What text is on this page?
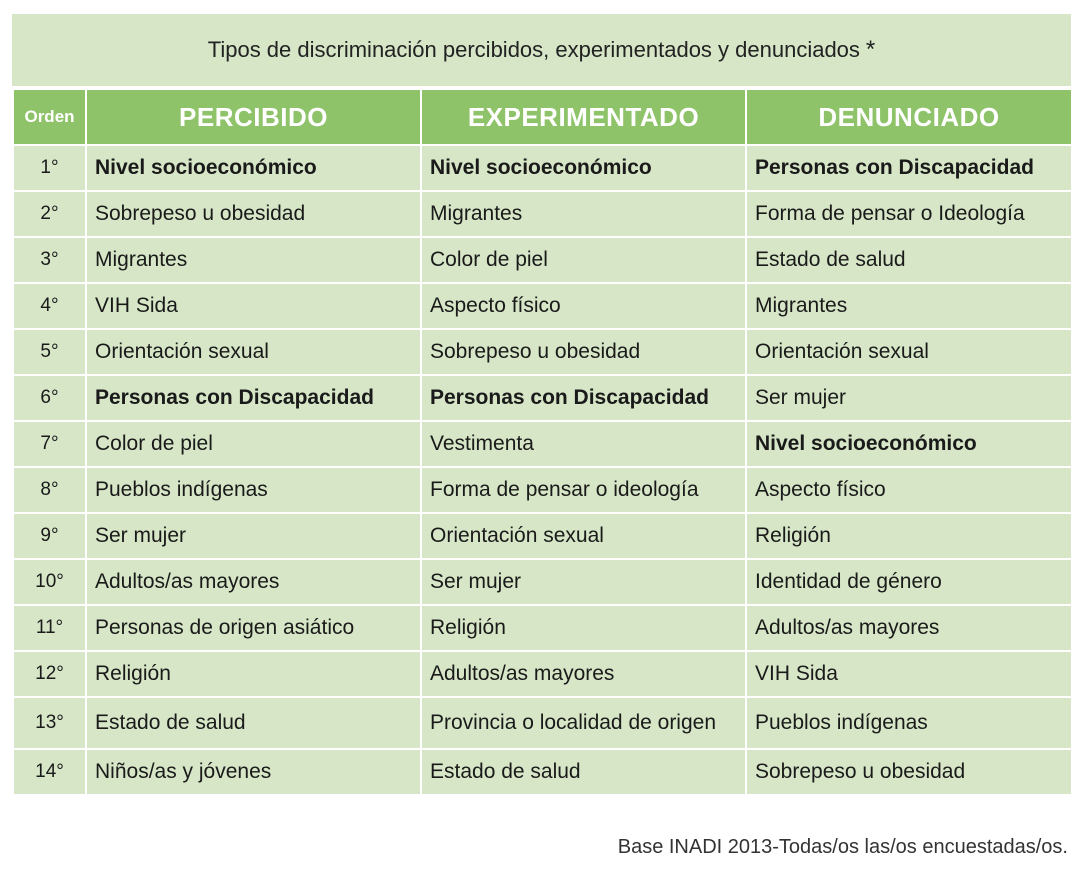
Tipos de discriminación percibidos, experimentados y denunciados *
Orden	PERCIBIDO	EXPERIMENTADO	DENUNCIADO
1°	Nivel socioeconómico	Nivel socioeconómico	Personas con Discapacidad
2°	Sobrepeso u obesidad	Migrantes	Forma de pensar o Ideología
3°	Migrantes	Color de piel	Estado de salud
4°	VIH Sida	Aspecto físico	Migrantes
5°	Orientación sexual	Sobrepeso u obesidad	Orientación sexual
6°	Personas con Discapacidad	Personas con Discapacidad	Ser mujer
7°	Color de piel	Vestimenta	Nivel socioeconómico
8°	Pueblos indígenas	Forma de pensar o ideología	Aspecto físico
9°	Ser mujer	Orientación sexual	Religión
10°	Adultos/as mayores	Ser mujer	Identidad de género
11°	Personas de origen asiático	Religión	Adultos/as mayores
12°	Religión	Adultos/as mayores	VIH Sida
13°	Estado de salud	Provincia o localidad de origen	Pueblos indígenas
14°	Niños/as y jóvenes	Estado de salud	Sobrepeso u obesidad
Base INADI 2013-Todas/os las/os encuestadas/os.
